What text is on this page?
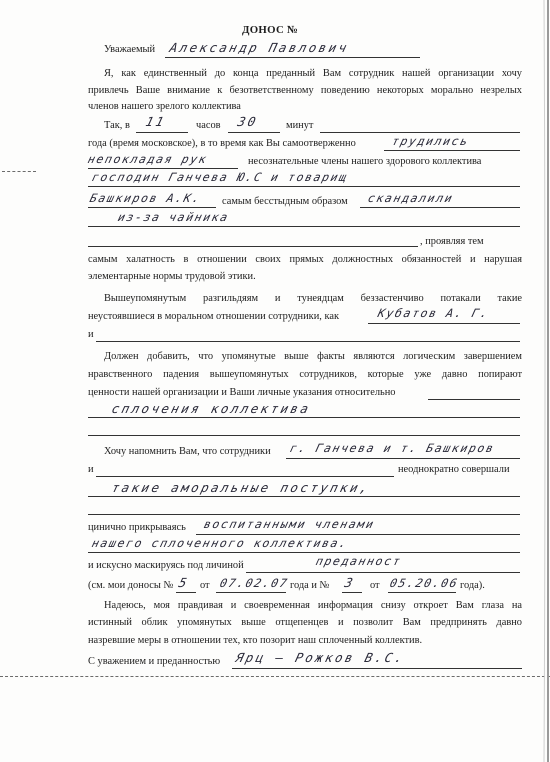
ДОНОС №
Уважаемый Александр Павлович
Я, как единственный до конца преданный Вам сотрудник нашей организации хочу
привлечь Ваше внимание к безответственному поведению некоторых морально незрелых
членов нашего зрелого коллектива
Так, в 11	часов 30	минут
года (время московское), в то время как Вы самоотверженно	трудились
непокладая рук	несознательные члены нашего здорового коллектива
господин Ганчева Ю.С и товарищ
Башкиров А.К. самым бесстыдным образом скандалили
из-за чайника
, проявляя тем
самым халатность в отношении своих прямых должностных обязанностей и нарушая
элементарные нормы трудовой этики.
Вышеупомянутым разгильдяям и тунеядцам беззастенчиво потакали такие
неустоявшиеся в моральном отношении сотрудники, как	Кубатов А. Г.
и
Должен добавить, что упомянутые выше факты являются логическим завершением
нравственного падения вышеупомянутых сотрудников, которые уже давно попирают
ценности нашей организации и Ваши личные указания относительно
сплочения коллектива
Хочу напомнить Вам, что сотрудники г. Ганчева и т. Башкиров
и	неоднократно совершали
такие аморальные поступки,
цинично прикрываясь воспитанными членами
нашего сплоченного коллектива.
и искусно маскируясь под личиной	преданност
(см. мои доносы № 5 от 07.02.07 года и № 3 от 05.20.06 года).
Надеюсь, моя правдивая и своевременная информация снизу откроет Вам глаза на
истинный облик упомянутых выше отщепенцев и позволит Вам предпринять давно
назревшие меры в отношении тех, кто позорит наш сплоченный коллектив.
С уважением и преданностью Ярц — Рожков В.С.
